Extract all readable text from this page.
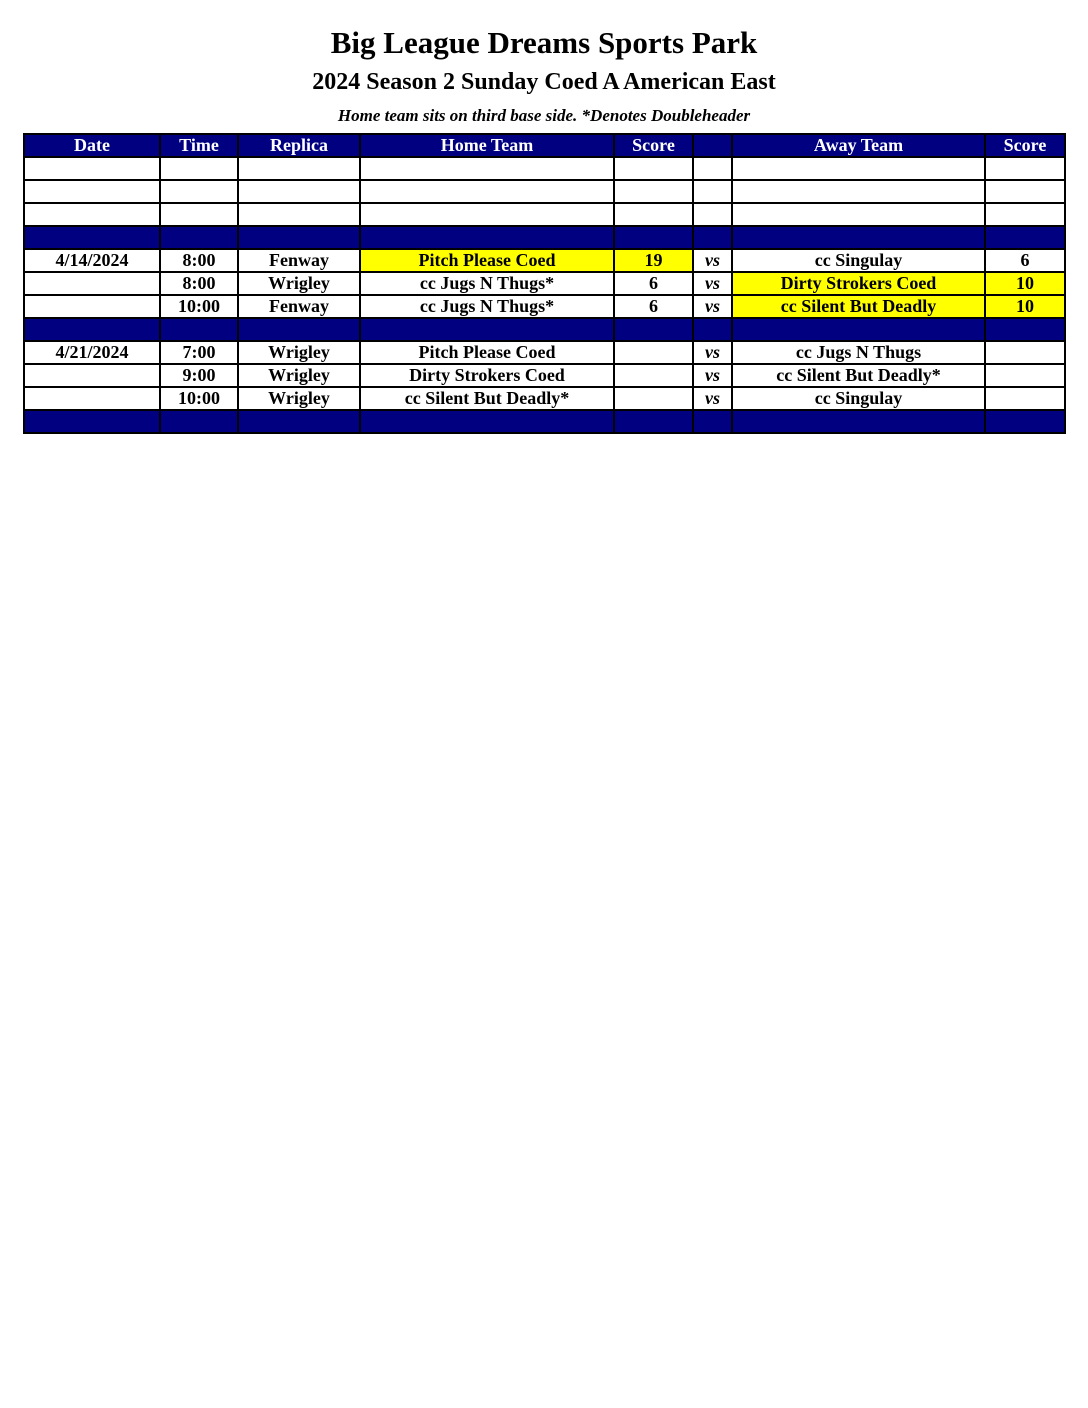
Big League Dreams Sports Park
2024 Season 2 Sunday Coed A American East
Home team sits on third base side. *Denotes Doubleheader
Date	Time	Replica	Home Team	Score		Away Team	Score

4/14/2024	8:00	Fenway	Pitch Please Coed	19	vs	cc Singulay	6
	8:00	Wrigley	cc Jugs N Thugs*	6	vs	Dirty Strokers Coed	10
	10:00	Fenway	cc Jugs N Thugs*	6	vs	cc Silent But Deadly	10

4/21/2024	7:00	Wrigley	Pitch Please Coed		vs	cc Jugs N Thugs	
	9:00	Wrigley	Dirty Strokers Coed		vs	cc Silent But Deadly*	
	10:00	Wrigley	cc Silent But Deadly*		vs	cc Singulay	
